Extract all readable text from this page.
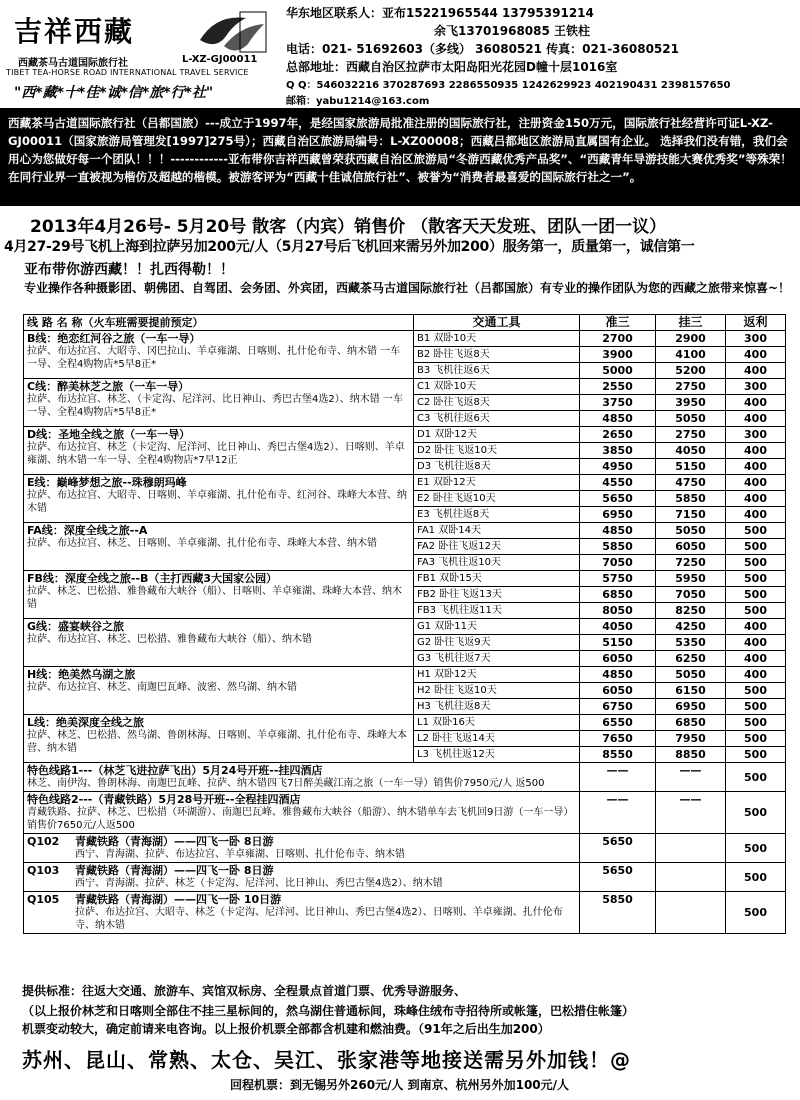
吉祥西藏
西藏茶马古道国际旅行社	L-XZ-GJ00011
TIBET TEA-HORSE ROAD INTERNATIONAL TRAVEL SERVICE
"西*藏*十*佳*诚*信*旅*行*社"
华东地区联系人：亚布15221965544 13795391214
余飞13701968085 王铁柱
电话：021- 51692603（多线） 36080521 传真：021-36080521
总部地址：西藏自治区拉萨市太阳岛阳光花园D幢十层1016室
Q Q：546032216 370287693 2286550935 1242629923 402190431 2398157650
邮箱：yabu1214@163.com
西藏茶马古道国际旅行社（吕都国旅）---成立于1997年，是经国家旅游局批准注册的国际旅行社，注册资金150万元，国际旅行社经营许可证L-XZ-GJ00011（国家旅游局管理发[1997]275号）；西藏自治区旅游局编号：L-XZ00008；西藏吕都地区旅游局直属国有企业。 选择我们没有错，我们会用心为您做好每一个团队！！！------------亚布带你吉祥西藏曾荣获西藏自治区旅游局“冬游西藏优秀产品奖”、“西藏青年导游技能大赛优秀奖”等殊荣！在同行业界一直被视为楷仿及超越的楷模。被游客评为“西藏十佳诚信旅行社”、被誉为“消费者最喜爱的国际旅行社之一”。
2013年4月26号- 5月20号 散客（内宾）销售价 （散客天天发班、团队一团一议）
4月27-29号飞机上海到拉萨另加200元/人（5月27号后飞机回来需另外加200）服务第一，质量第一，诚信第一
亚布带你游西藏！！扎西得勒！！
专业操作各种摄影团、朝佛团、自驾团、会务团、外宾团，西藏茶马古道国际旅行社（吕都国旅）有专业的操作团队为您的西藏之旅带来惊喜~！
线 路 名 称（火车班需要提前预定）	交通工具	准三	挂三	返利

B线：绝恋红河谷之旅（一车一导）
拉萨、布达拉宫、大昭寺、冈巴拉山、羊卓雍湖、日喀则、扎什伦布寺、纳木错 一车一导、全程4购物店*5早8正*	B1 双卧10天	2700	2900	300
	B2 卧往飞返8天	3900	4100	400
	B3 飞机往返6天	5000	5200	400

C线：醉美林芝之旅（一车一导）
拉萨、布达拉宫、林芝、（卡定沟、尼洋河、比日神山、秀巴古堡4选2）、纳木错 一车一导、全程4购物店*5早8正*	C1 双卧10天	2550	2750	300
	C2 卧往飞返8天	3750	3950	400
	C3 飞机往返6天	4850	5050	400

D线：圣地全线之旅（一车一导）
拉萨、布达拉宫、林芝（卡定沟、尼洋河、比日神山、秀巴古堡4选2）、日喀则、羊卓雍湖、纳木错一车一导、全程4购物店*7早12正	D1 双卧12天	2650	2750	300
	D2 卧往飞返10天	3850	4050	400
	D3 飞机往返8天	4950	5150	400

E线：巅峰梦想之旅--珠穆朗玛峰
拉萨、布达拉宫、大昭寺、日喀则、羊卓雍湖、扎什伦布寺、红河谷、珠峰大本营、纳木错	E1 双卧12天	4550	4750	400
	E2 卧往飞返10天	5650	5850	400
	E3 飞机往返8天	6950	7150	400

FA线：深度全线之旅--A
拉萨、布达拉宫、林芝、日喀则、羊卓雍湖、扎什伦布寺、珠峰大本营、纳木错	FA1 双卧14天	4850	5050	500
	FA2 卧往飞返12天	5850	6050	500
	FA3 飞机往返10天	7050	7250	500

FB线：深度全线之旅--B（主打西藏3大国家公园）
拉萨、林芝、巴松措、雅鲁藏布大峡谷（船）、日喀则、羊卓雍湖、珠峰大本营、纳木错	FB1 双卧15天	5750	5950	500
	FB2 卧往飞返13天	6850	7050	500
	FB3 飞机往返11天	8050	8250	500

G线：盛宴峡谷之旅
拉萨、布达拉宫、林芝、巴松措、雅鲁藏布大峡谷（船）、纳木错	G1 双卧11天	4050	4250	400
	G2 卧往飞返9天	5150	5350	400
	G3 飞机往返7天	6050	6250	400

H线：绝美然乌湖之旅
拉萨、布达拉宫、林芝、南迦巴瓦峰、波密、然乌湖、纳木错	H1 双卧12天	4850	5050	400
	H2 卧往飞返10天	6050	6150	500
	H3 飞机往返8天	6750	6950	500

L线：绝美深度全线之旅
拉萨、林芝、巴松措、然乌湖、鲁朗林海、日喀则、羊卓雍湖、扎什伦布寺、珠峰大本营、纳木错	L1 双卧16天	6550	6850	500
	L2 卧往飞返14天	7650	7950	500
	L3 飞机往返12天	8550	8850	500

特色线路1---（林芝飞进拉萨飞出）5月24号开班--挂四酒店
林芝、南伊沟、鲁朗林海、南迦巴瓦峰、拉萨、纳木错四飞7日醉美藏江南之旅（一车一导）销售价7950元/人 返500		——	——	500

特色线路2---（青藏铁路）5月28号开班--全程挂四酒店
青藏铁路、拉萨、林芝、巴松措（环湖游）、南迦巴瓦峰、雅鲁藏布大峡谷（船游）、纳木错单车去飞机回9日游（一车一导）销售价7650元/人返500		——	——	500

Q102 青藏铁路（青海湖）——四飞一卧 8日游
西宁、青海湖、拉萨、布达拉宫、羊卓雍湖、日喀则、扎什伦布寺、纳木错		5650		500

Q103 青藏铁路（青海湖）——四飞一卧 8日游
西宁、青海湖、拉萨、林芝（卡定沟、尼洋河、比日神山、秀巴古堡4选2）、纳木错		5650		500

Q105 青藏铁路（青海湖）——四飞一卧 10日游
拉萨、布达拉宫、大昭寺、林芝（卡定沟、尼洋河、比日神山、秀巴古堡4选2）、日喀则、羊卓雍湖、扎什伦布寺、纳木错		5850		500
提供标准：往返大交通、旅游车、宾馆双标房、全程景点首道门票、优秀导游服务、
（以上报价林芝和日喀则全部住不挂三星标间的，然乌湖住普通标间，珠峰住绒布寺招待所或帐篷，巴松措住帐篷）
机票变动较大，确定前请来电咨询。以上报价机票全部都含机建和燃油费。（91年之后出生加200）
苏州、昆山、常熟、太仓、吴江、张家港等地接送需另外加钱！@
回程机票：到无锡另外260元/人 到南京、杭州另外加100元/人
